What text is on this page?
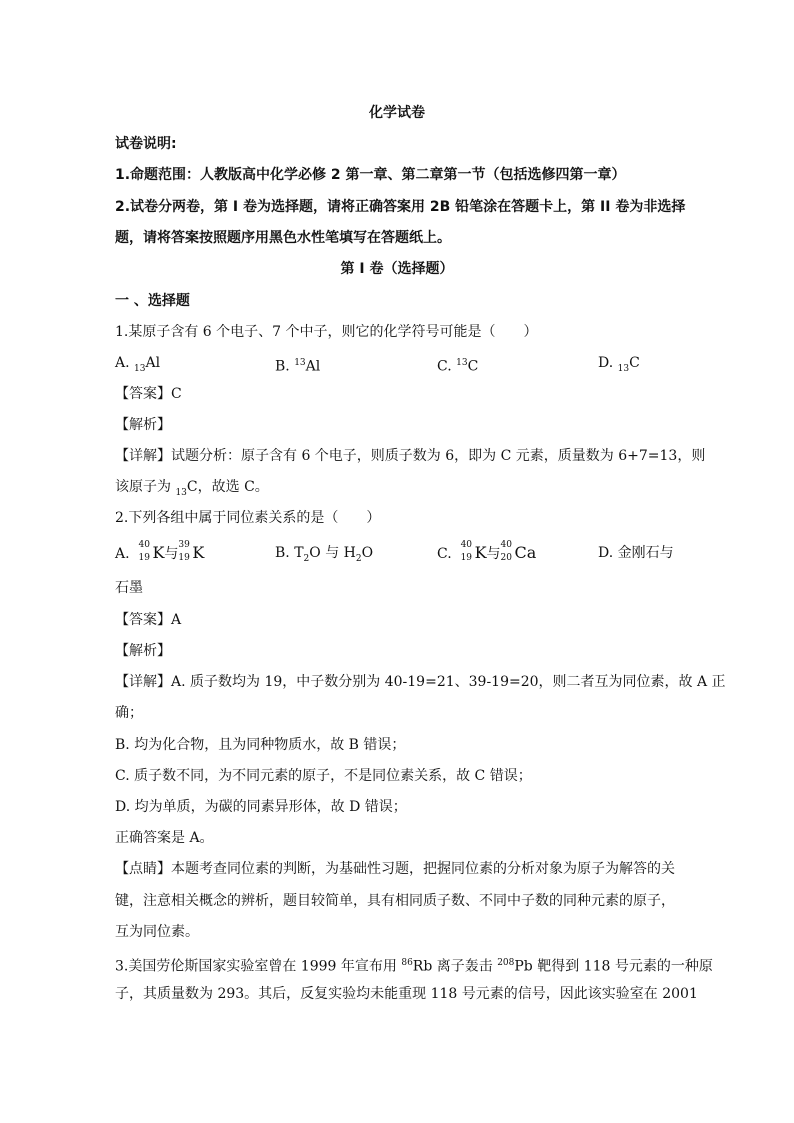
化学试卷
试卷说明:
1.命题范围：人教版高中化学必修 2 第一章、第二章第一节（包括选修四第一章）
2.试卷分两卷，第 I 卷为选择题，请将正确答案用 2B 铅笔涂在答题卡上，第 II 卷为非选择
题，请将答案按照题序用黑色水性笔填写在答题纸上。
第 I 卷（选择题）
一 、选择题
1.某原子含有 6 个电子、7 个中子，则它的化学符号可能是（　　）
A. $_{13}$Al	B. $^{13}$Al	C. $^{13}$C	D. $_{13}$C
【答案】C
【解析】
【详解】试题分析：原子含有 6 个电子，则质子数为 6，即为 C 元素，质量数为 6+7=13，则
该原子为 $_{13}$C，故选 C。
2.下列各组中属于同位素关系的是（　　）
A.
40
19 K与
39
19 K	B. $T_2O$ 与 $H_2O$	C.
40
19 K与
40
20 Ca	D. 金刚石与
石墨
【答案】A
【解析】
【详解】A. 质子数均为 19，中子数分别为 40-19=21、39-19=20，则二者互为同位素，故 A 正
确；
B. 均为化合物，且为同种物质水，故 B 错误；
C. 质子数不同，为不同元素的原子，不是同位素关系，故 C 错误；
D. 均为单质，为碳的同素异形体，故 D 错误；
正确答案是 A。
【点睛】本题考查同位素的判断，为基础性习题，把握同位素的分析对象为原子为解答的关
键，注意相关概念的辨析，题目较简单，具有相同质子数、不同中子数的同种元素的原子，
互为同位素。
3.美国劳伦斯国家实验室曾在 1999 年宣布用 $^{86}$Rb 离子轰击 $^{208}$Pb 靶得到 118 号元素的一种原
子，其质量数为 293。其后，反复实验均未能重现 118 号元素的信号，因此该实验室在 2001
